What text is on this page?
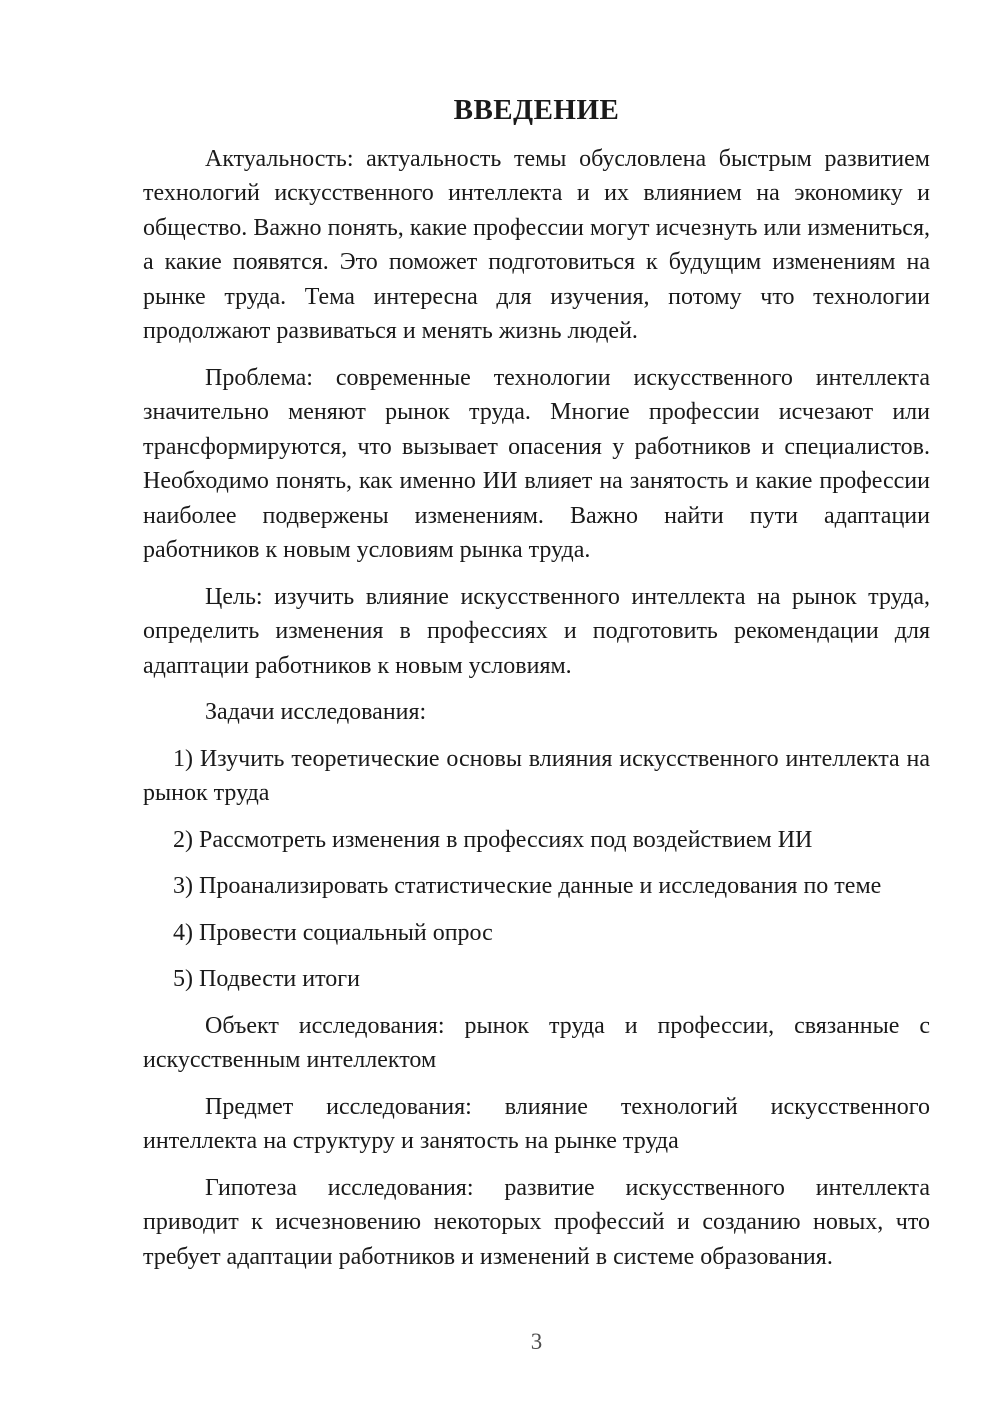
ВВЕДЕНИЕ

Актуальность: актуальность темы обусловлена быстрым развитием технологий искусственного интеллекта и их влиянием на экономику и общество. Важно понять, какие профессии могут исчезнуть или измениться, а какие появятся. Это поможет подготовиться к будущим изменениям на рынке труда. Тема интересна для изучения, потому что технологии продолжают развиваться и менять жизнь людей.

Проблема: современные технологии искусственного интеллекта значительно меняют рынок труда. Многие профессии исчезают или трансформируются, что вызывает опасения у работников и специалистов. Необходимо понять, как именно ИИ влияет на занятость и какие профессии наиболее подвержены изменениям. Важно найти пути адаптации работников к новым условиям рынка труда.

Цель: изучить влияние искусственного интеллекта на рынок труда, определить изменения в профессиях и подготовить рекомендации для адаптации работников к новым условиям.

Задачи исследования:

1) Изучить теоретические основы влияния искусственного интеллекта на рынок труда

2) Рассмотреть изменения в профессиях под воздействием ИИ

3) Проанализировать статистические данные и исследования по теме

4) Провести социальный опрос

5) Подвести итоги

Объект исследования: рынок труда и профессии, связанные с искусственным интеллектом

Предмет исследования: влияние технологий искусственного интеллекта на структуру и занятость на рынке труда

Гипотеза исследования: развитие искусственного интеллекта приводит к исчезновению некоторых профессий и созданию новых, что требует адаптации работников и изменений в системе образования.

3
